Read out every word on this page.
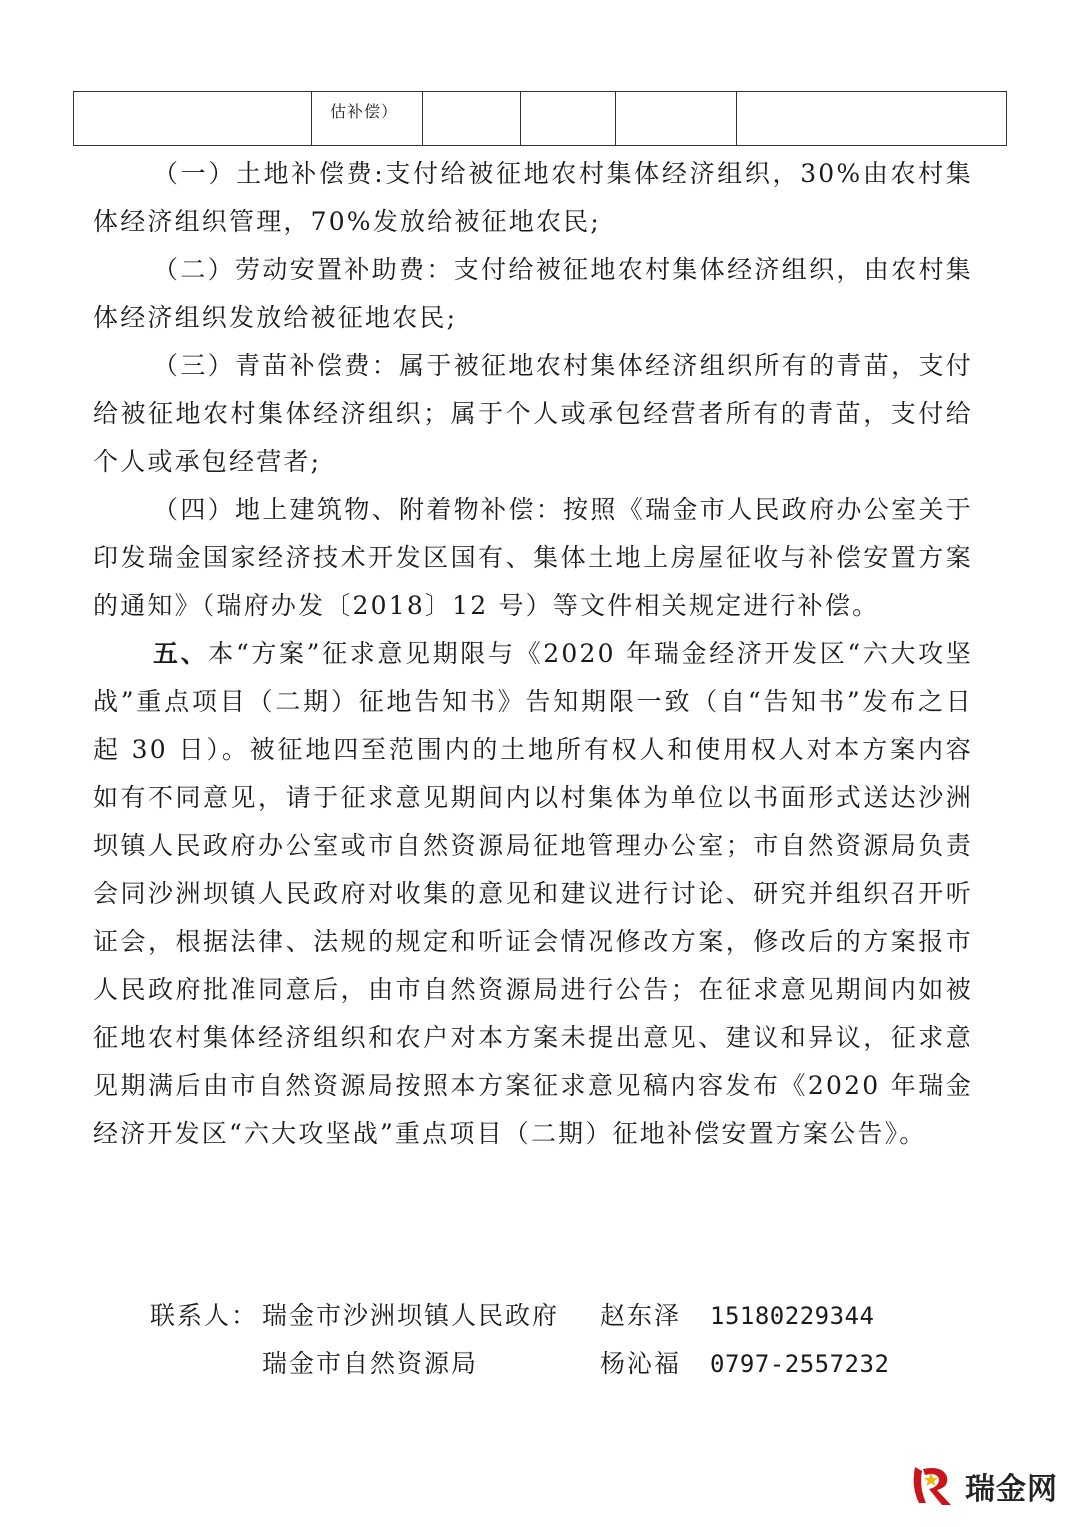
估补偿）

（一）土地补偿费:支付给被征地农村集体经济组织，30%由农村集体经济组织管理，70%发放给被征地农民;

（二）劳动安置补助费：支付给被征地农村集体经济组织，由农村集体经济组织发放给被征地农民;

（三）青苗补偿费：属于被征地农村集体经济组织所有的青苗，支付给被征地农村集体经济组织；属于个人或承包经营者所有的青苗，支付给个人或承包经营者;

（四）地上建筑物、附着物补偿：按照《瑞金市人民政府办公室关于印发瑞金国家经济技术开发区国有、集体土地上房屋征收与补偿安置方案的通知》（瑞府办发〔2018〕12 号）等文件相关规定进行补偿。

五、本“方案”征求意见期限与《2020 年瑞金经济开发区“六大攻坚战”重点项目（二期）征地告知书》告知期限一致（自“告知书”发布之日起 30 日）。被征地四至范围内的土地所有权人和使用权人对本方案内容如有不同意见，请于征求意见期间内以村集体为单位以书面形式送达沙洲坝镇人民政府办公室或市自然资源局征地管理办公室；市自然资源局负责会同沙洲坝镇人民政府对收集的意见和建议进行讨论、研究并组织召开听证会，根据法律、法规的规定和听证会情况修改方案，修改后的方案报市人民政府批准同意后，由市自然资源局进行公告；在征求意见期间内如被征地农村集体经济组织和农户对本方案未提出意见、建议和异议，征求意见期满后由市自然资源局按照本方案征求意见稿内容发布《2020 年瑞金经济开发区“六大攻坚战”重点项目（二期）征地补偿安置方案公告》。

联系人： 瑞金市沙洲坝镇人民政府 赵东泽 15180229344
瑞金市自然资源局	杨沁福 0797-2557232
瑞金网
